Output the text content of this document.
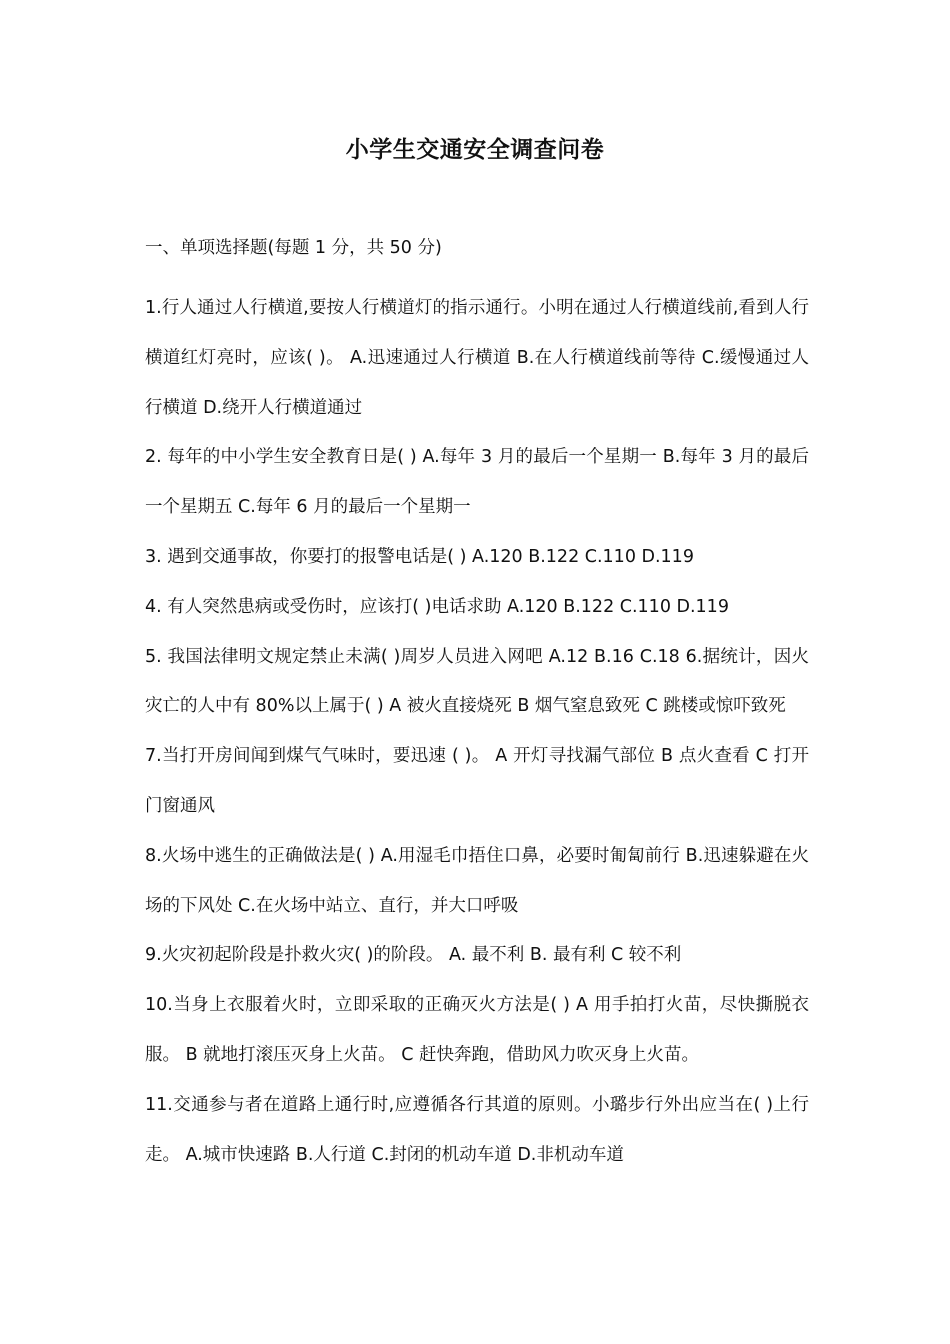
小学生交通安全调查问卷
一、单项选择题(每题 1 分，共 50 分)

1.行人通过人行横道,要按人行横道灯的指示通行。小明在通过人行横道线前,看到人行横道红灯亮时，应该( )。 A.迅速通过人行横道 B.在人行横道线前等待 C.缓慢通过人行横道 D.绕开人行横道通过

2. 每年的中小学生安全教育日是( ) A.每年 3 月的最后一个星期一 B.每年 3 月的最后一个星期五 C.每年 6 月的最后一个星期一

3. 遇到交通事故，你要打的报警电话是( ) A.120 B.122 C.110 D.119

4. 有人突然患病或受伤时，应该打( )电话求助 A.120 B.122 C.110 D.119

5. 我国法律明文规定禁止未满( )周岁人员进入网吧 A.12 B.16 C.18 6.据统计，因火灾亡的人中有 80%以上属于( ) A 被火直接烧死 B 烟气窒息致死 C 跳楼或惊吓致死

7.当打开房间闻到煤气气味时，要迅速 ( )。 A 开灯寻找漏气部位 B 点火查看 C 打开门窗通风

8.火场中逃生的正确做法是( ) A.用湿毛巾捂住口鼻，必要时匍匐前行 B.迅速躲避在火场的下风处 C.在火场中站立、直行，并大口呼吸

9.火灾初起阶段是扑救火灾( )的阶段。 A. 最不利 B. 最有利 C 较不利

10.当身上衣服着火时，立即采取的正确灭火方法是( ) A 用手拍打火苗，尽快撕脱衣服。 B 就地打滚压灭身上火苗。 C 赶快奔跑，借助风力吹灭身上火苗。

11.交通参与者在道路上通行时,应遵循各行其道的原则。小璐步行外出应当在( )上行走。 A.城市快速路 B.人行道 C.封闭的机动车道 D.非机动车道
